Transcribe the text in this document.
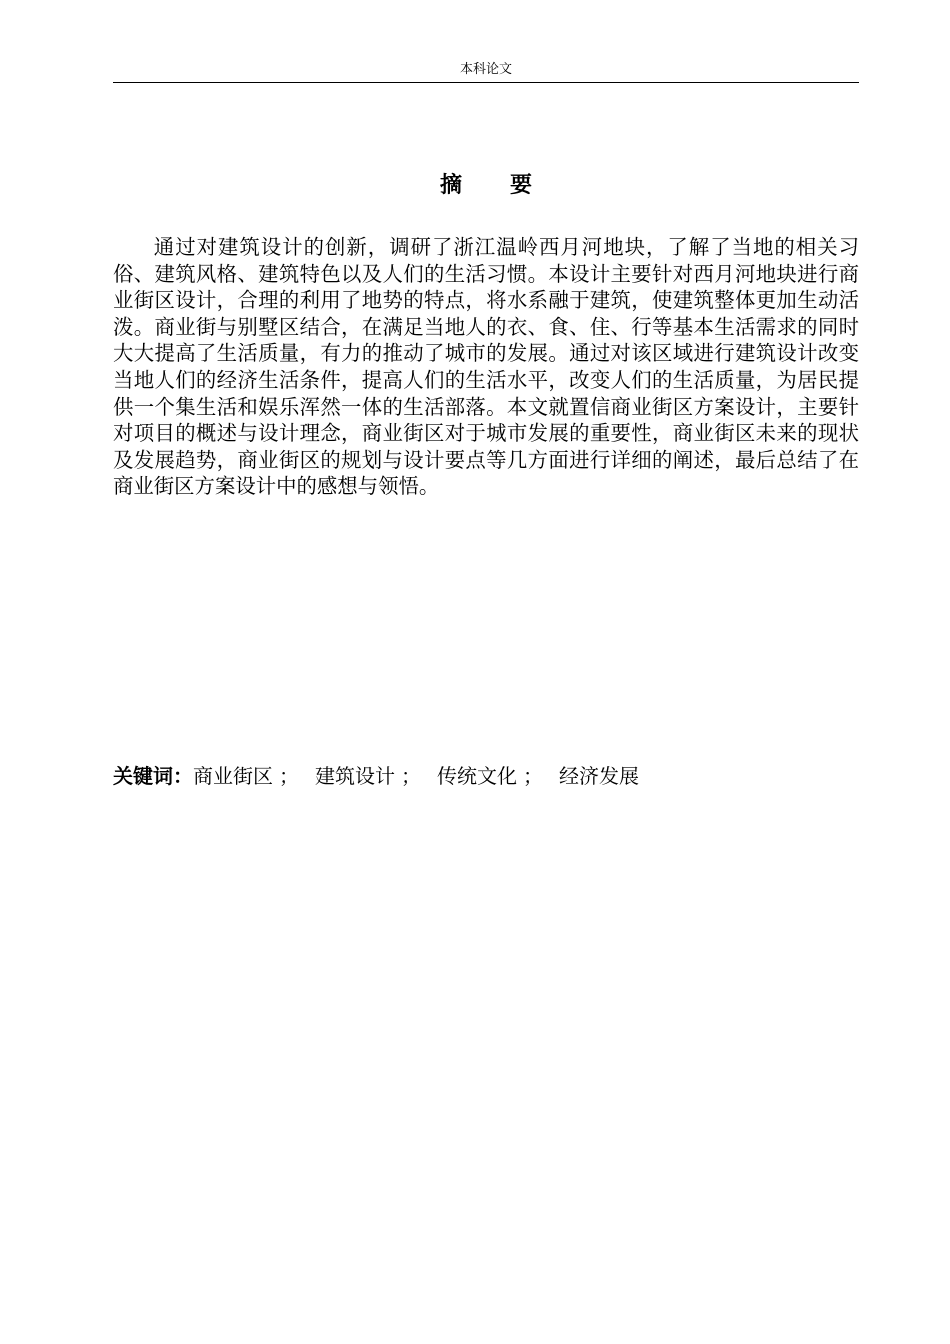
本科论文
摘 要

通过对建筑设计的创新，调研了浙江温岭西月河地块，了解了当地的相关习俗、建筑风格、建筑特色以及人们的生活习惯。本设计主要针对西月河地块进行商业街区设计，合理的利用了地势的特点，将水系融于建筑，使建筑整体更加生动活泼。商业街与别墅区结合，在满足当地人的衣、食、住、行等基本生活需求的同时大大提高了生活质量，有力的推动了城市的发展。通过对该区域进行建筑设计改变当地人们的经济生活条件，提高人们的生活水平，改变人们的生活质量，为居民提供一个集生活和娱乐浑然一体的生活部落。本文就置信商业街区方案设计，主要针对项目的概述与设计理念，商业街区对于城市发展的重要性，商业街区未来的现状及发展趋势，商业街区的规划与设计要点等几方面进行详细的阐述，最后总结了在商业街区方案设计中的感想与领悟。

关键词：商业街区 ； 建筑设计 ； 传统文化 ； 经济发展
